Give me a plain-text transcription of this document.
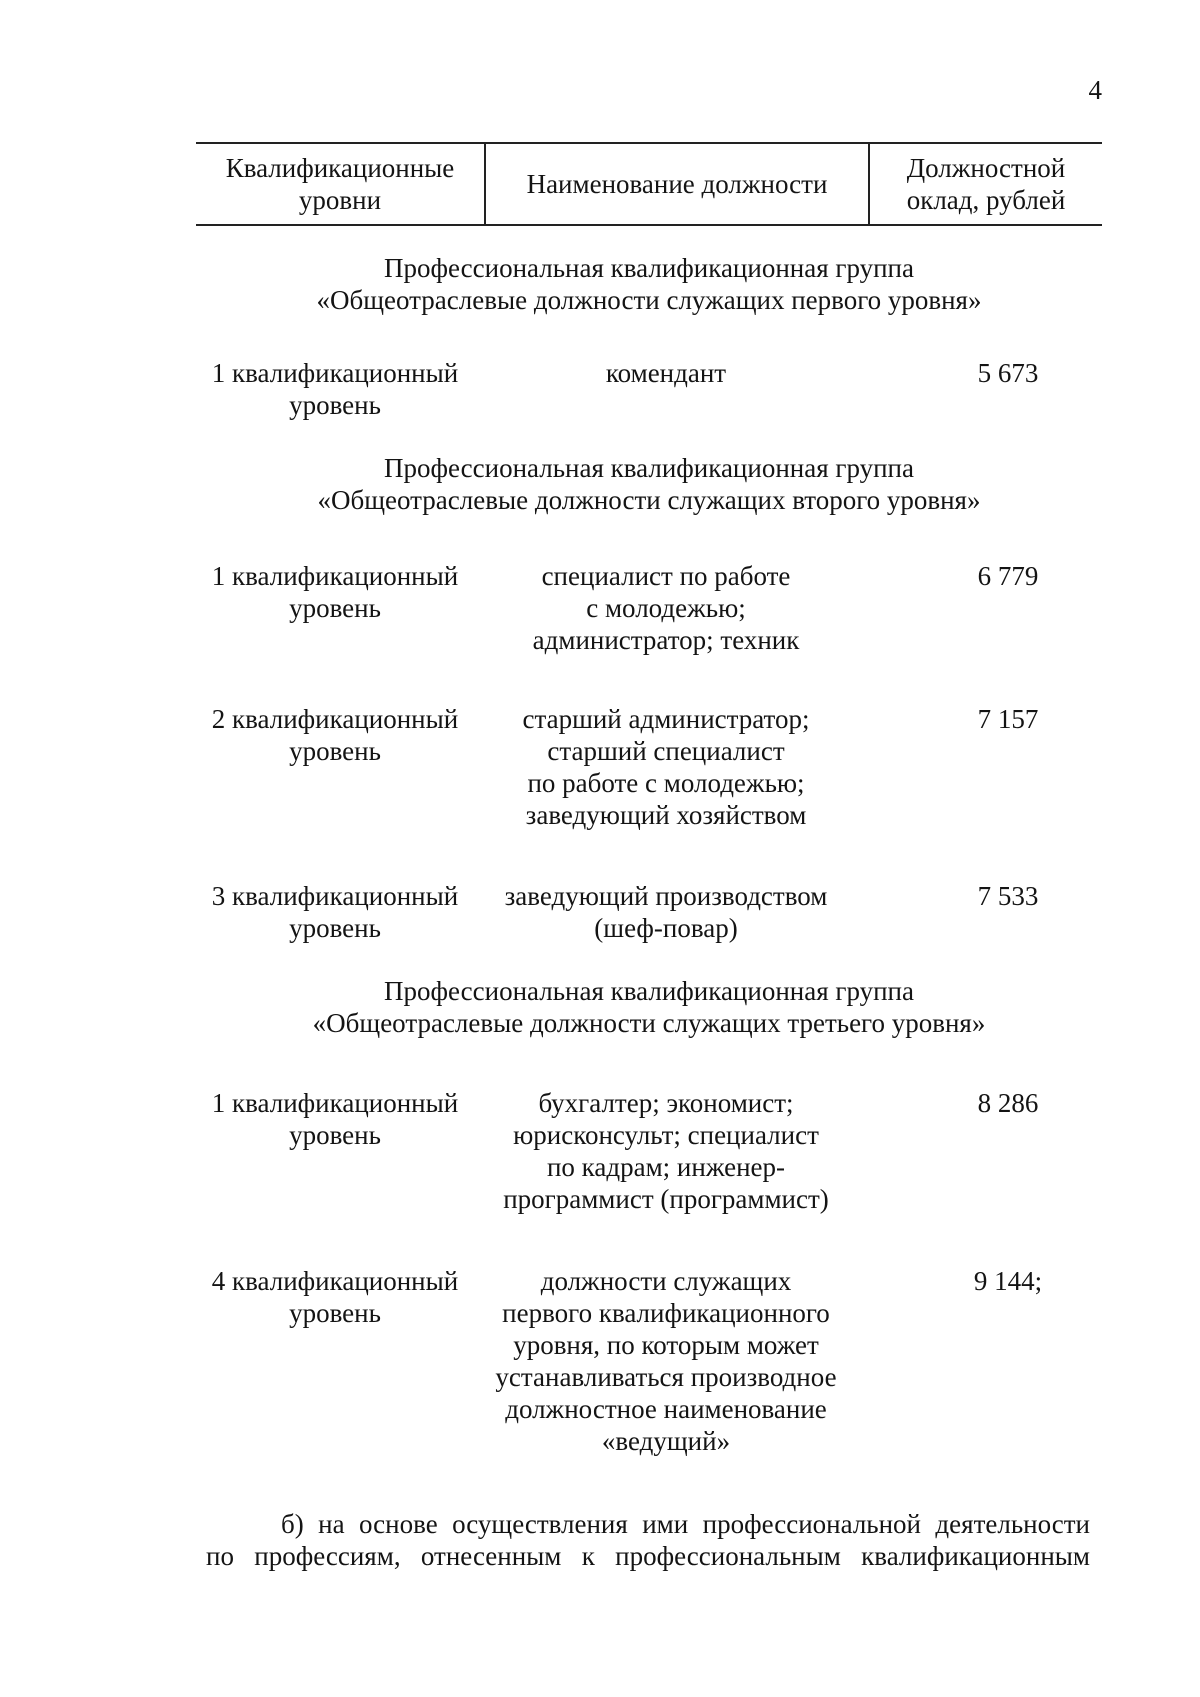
4
Квалификационные
уровни
Наименование должности
Должностной
оклад, рублей
Профессиональная квалификационная группа
«Общеотраслевые должности служащих первого уровня»
1 квалификационный
уровень
комендант	5 673
Профессиональная квалификационная группа
«Общеотраслевые должности служащих второго уровня»
1 квалификационный
уровень
специалист по работе
с молодежью;
администратор; техник
6 779
2 квалификационный
уровень
старший администратор;
старший специалист
по работе с молодежью;
заведующий хозяйством
7 157
3 квалификационный
уровень
заведующий производством
(шеф-повар)
7 533
Профессиональная квалификационная группа
«Общеотраслевые должности служащих третьего уровня»
1 квалификационный
уровень
бухгалтер; экономист;
юрисконсульт; специалист
по кадрам; инженер-
программист (программист)
8 286
4 квалификационный
уровень
должности служащих
первого квалификационного
уровня, по которым может
устанавливаться производное
должностное наименование
«ведущий»
9 144;
б) на основе осуществления ими профессиональной деятельности
по профессиям, отнесенным к профессиональным квалификационным
